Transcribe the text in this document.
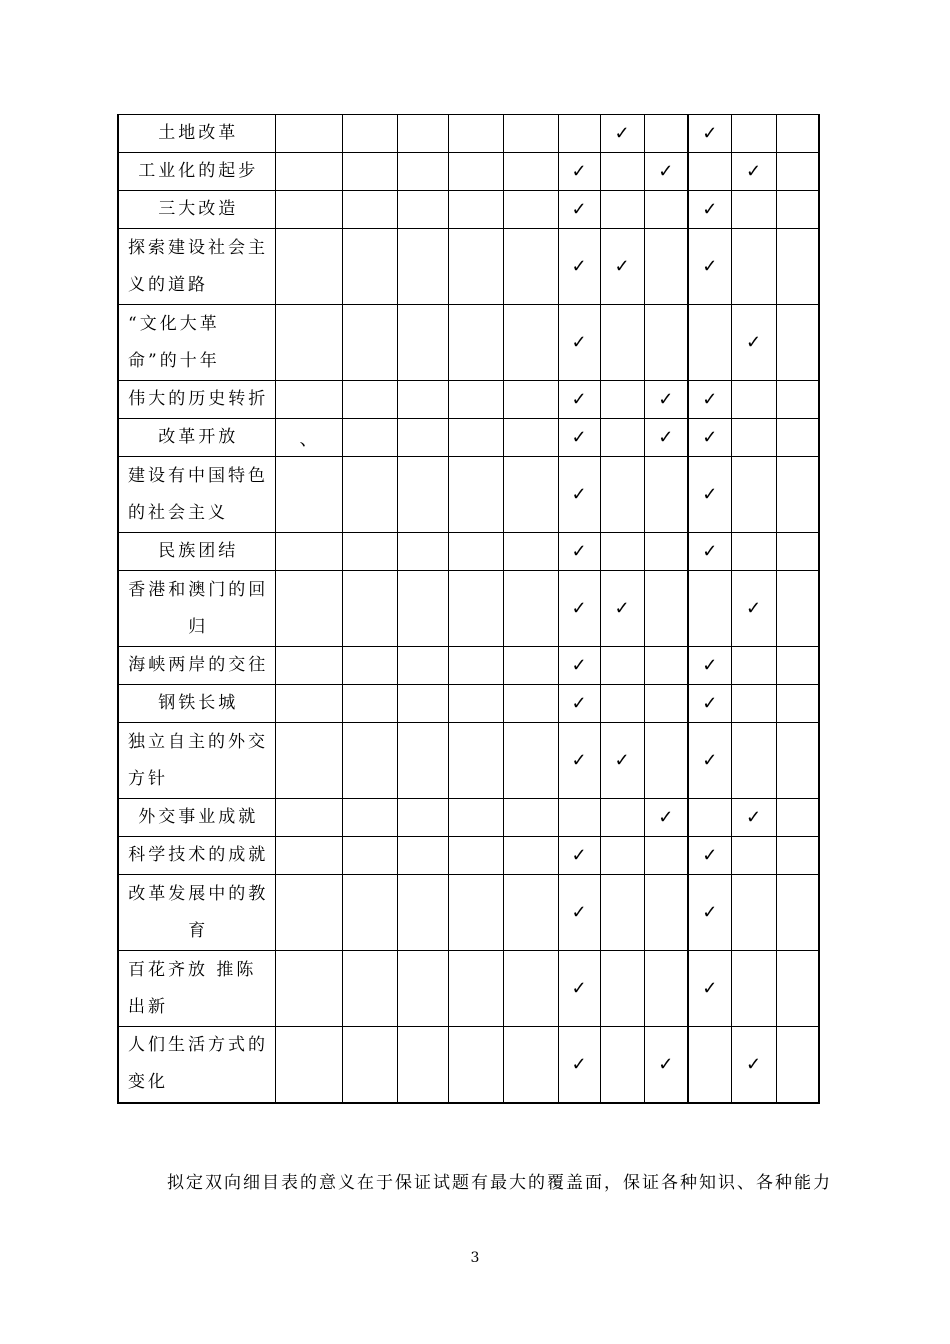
土地改革							✓		✓		
工业化的起步						✓		✓		✓	
三大改造						✓			✓		
探索建设社会主义的道路						✓	✓		✓		
“文化大革命”的十年						✓				✓	
伟大的历史转折						✓		✓	✓		
改革开放	、					✓		✓	✓		
建设有中国特色的社会主义						✓			✓		
民族团结						✓			✓		
香港和澳门的回归						✓	✓			✓	
海峡两岸的交往						✓			✓		
钢铁长城						✓			✓		
独立自主的外交方针						✓	✓		✓		
外交事业成就								✓		✓	
科学技术的成就						✓			✓		
改革发展中的教育						✓			✓		
百花齐放 推陈出新						✓			✓		
人们生活方式的变化						✓		✓		✓	

拟定双向细目表的意义在于保证试题有最大的覆盖面，保证各种知识、各种能力

3
